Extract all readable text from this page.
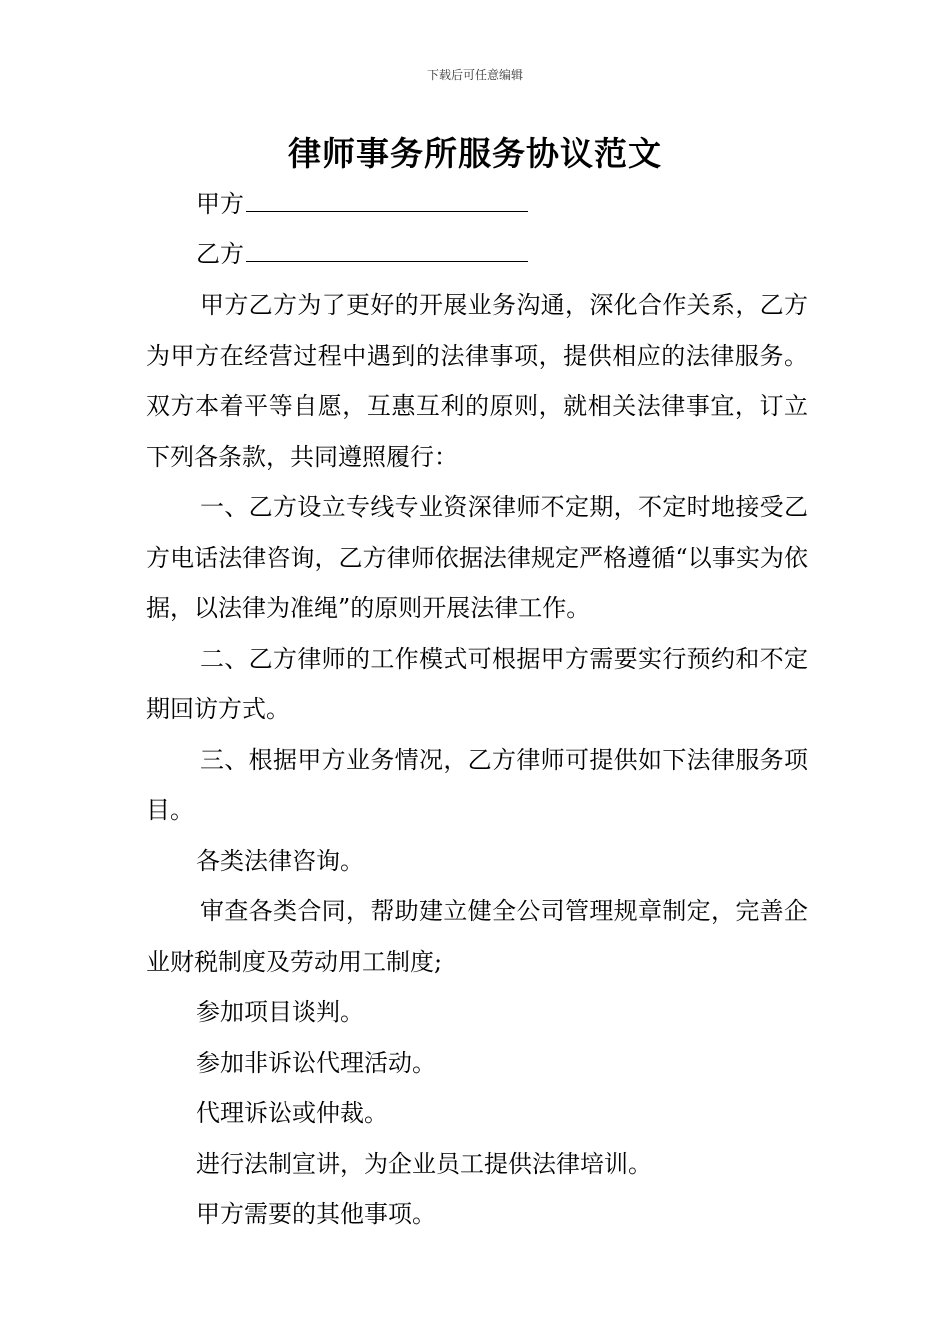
下载后可任意编辑
律师事务所服务协议范文
甲方
乙方

甲方乙方为了更好的开展业务沟通，深化合作关系，乙方为甲方在经营过程中遇到的法律事项，提供相应的法律服务。双方本着平等自愿，互惠互利的原则，就相关法律事宜，订立下列各条款，共同遵照履行：

一、乙方设立专线专业资深律师不定期，不定时地接受乙方电话法律咨询，乙方律师依据法律规定严格遵循“以事实为依据，以法律为准绳”的原则开展法律工作。

二、乙方律师的工作模式可根据甲方需要实行预约和不定期回访方式。

三、根据甲方业务情况，乙方律师可提供如下法律服务项目。

各类法律咨询。

审查各类合同，帮助建立健全公司管理规章制定，完善企业财税制度及劳动用工制度;

参加项目谈判。

参加非诉讼代理活动。

代理诉讼或仲裁。

进行法制宣讲，为企业员工提供法律培训。

甲方需要的其他事项。
